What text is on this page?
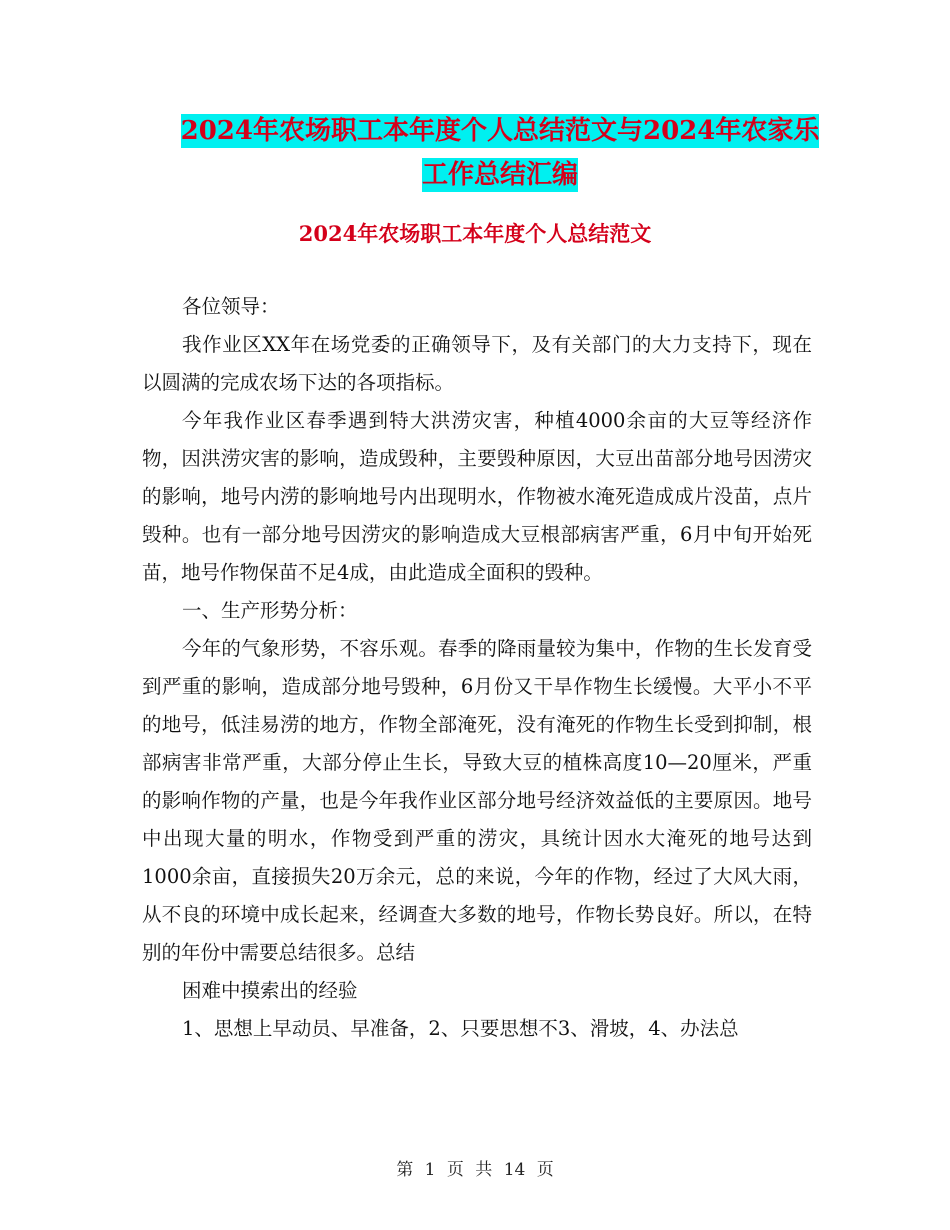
2024年农场职工本年度个人总结范文与2024年农家乐
工作总结汇编
2024年农场职工本年度个人总结范文

各位领导：

我作业区XX年在场党委的正确领导下，及有关部门的大力支持下，现在以圆满的完成农场下达的各项指标。

今年我作业区春季遇到特大洪涝灾害，种植4000余亩的大豆等经济作物，因洪涝灾害的影响，造成毁种，主要毁种原因，大豆出苗部分地号因涝灾的影响，地号内涝的影响地号内出现明水，作物被水淹死造成成片没苗，点片毁种。也有一部分地号因涝灾的影响造成大豆根部病害严重，6月中旬开始死苗，地号作物保苗不足4成，由此造成全面积的毁种。

一、生产形势分析：

今年的气象形势，不容乐观。春季的降雨量较为集中，作物的生长发育受到严重的影响，造成部分地号毁种，6月份又干旱作物生长缓慢。大平小不平的地号，低洼易涝的地方，作物全部淹死，没有淹死的作物生长受到抑制，根部病害非常严重，大部分停止生长，导致大豆的植株高度10—20厘米，严重的影响作物的产量，也是今年我作业区部分地号经济效益低的主要原因。地号中出现大量的明水，作物受到严重的涝灾，具统计因水大淹死的地号达到1000余亩，直接损失20万余元，总的来说，今年的作物，经过了大风大雨，从不良的环境中成长起来，经调查大多数的地号，作物长势良好。所以，在特别的年份中需要总结很多。总结

困难中摸索出的经验

1、思想上早动员、早准备，2、只要思想不3、滑坡，4、办法总

第 1 页 共 14 页
